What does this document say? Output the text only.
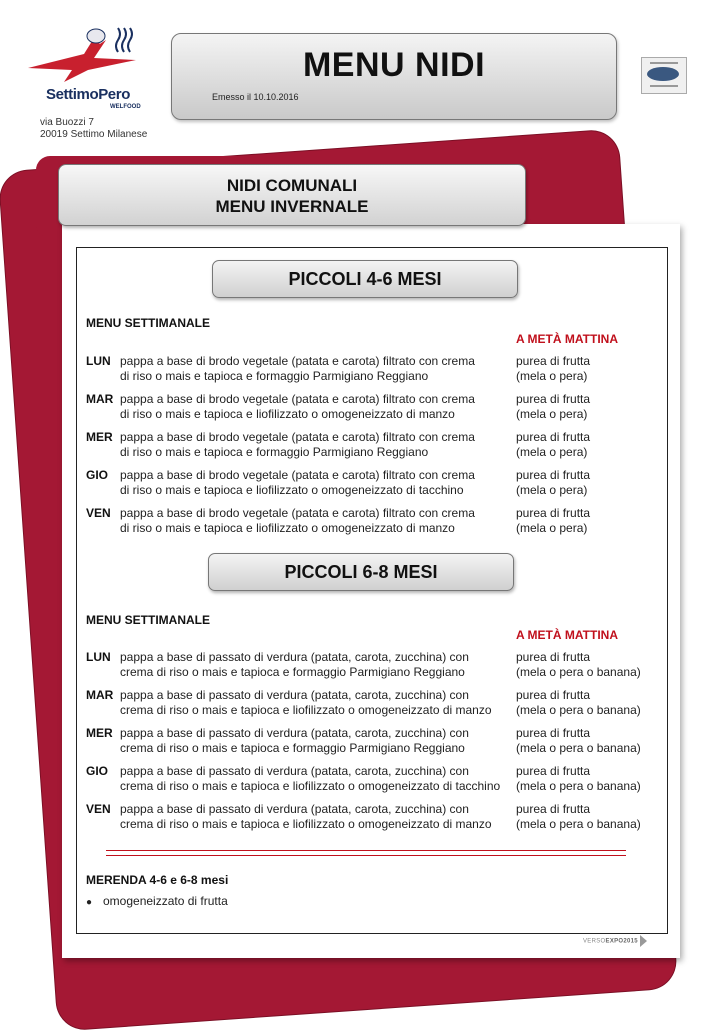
SettimoPero
WELFOOD
via Buozzi 7
20019 Settimo Milanese
MENU NIDI
Emesso il 10.10.2016
NIDI COMUNALI
MENU INVERNALE
PICCOLI 4-6 MESI
MENU SETTIMANALE
A METÀ MATTINA
LUN pappa a base di brodo vegetale (patata e carota) filtrato con crema
di riso o mais e tapioca e formaggio Parmigiano Reggiano
purea di frutta
(mela o pera)
MAR pappa a base di brodo vegetale (patata e carota) filtrato con crema
di riso o mais e tapioca e liofilizzato o omogeneizzato di manzo
purea di frutta
(mela o pera)
MER pappa a base di brodo vegetale (patata e carota) filtrato con crema
di riso o mais e tapioca e formaggio Parmigiano Reggiano
purea di frutta
(mela o pera)
GIO pappa a base di brodo vegetale (patata e carota) filtrato con crema
di riso o mais e tapioca e liofilizzato o omogeneizzato di tacchino
purea di frutta
(mela o pera)
VEN pappa a base di brodo vegetale (patata e carota) filtrato con crema
di riso o mais e tapioca e liofilizzato o omogeneizzato di manzo
purea di frutta
(mela o pera)
PICCOLI 6-8 MESI
MENU SETTIMANALE
A METÀ MATTINA
LUN pappa a base di passato di verdura (patata, carota, zucchina) con
crema di riso o mais e tapioca e formaggio Parmigiano Reggiano
purea di frutta
(mela o pera o banana)
MAR pappa a base di passato di verdura (patata, carota, zucchina) con
crema di riso o mais e tapioca e liofilizzato o omogeneizzato di manzo
purea di frutta
(mela o pera o banana)
MER pappa a base di passato di verdura (patata, carota, zucchina) con
crema di riso o mais e tapioca e formaggio Parmigiano Reggiano
purea di frutta
(mela o pera o banana)
GIO pappa a base di passato di verdura (patata, carota, zucchina) con
crema di riso o mais e tapioca e liofilizzato o omogeneizzato di tacchino
purea di frutta
(mela o pera o banana)
VEN pappa a base di passato di verdura (patata, carota, zucchina) con
crema di riso o mais e tapioca e liofilizzato o omogeneizzato di manzo
purea di frutta
(mela o pera o banana)
MERENDA 4-6 e 6-8 mesi
● omogeneizzato di frutta
VERSOEXPO2015
